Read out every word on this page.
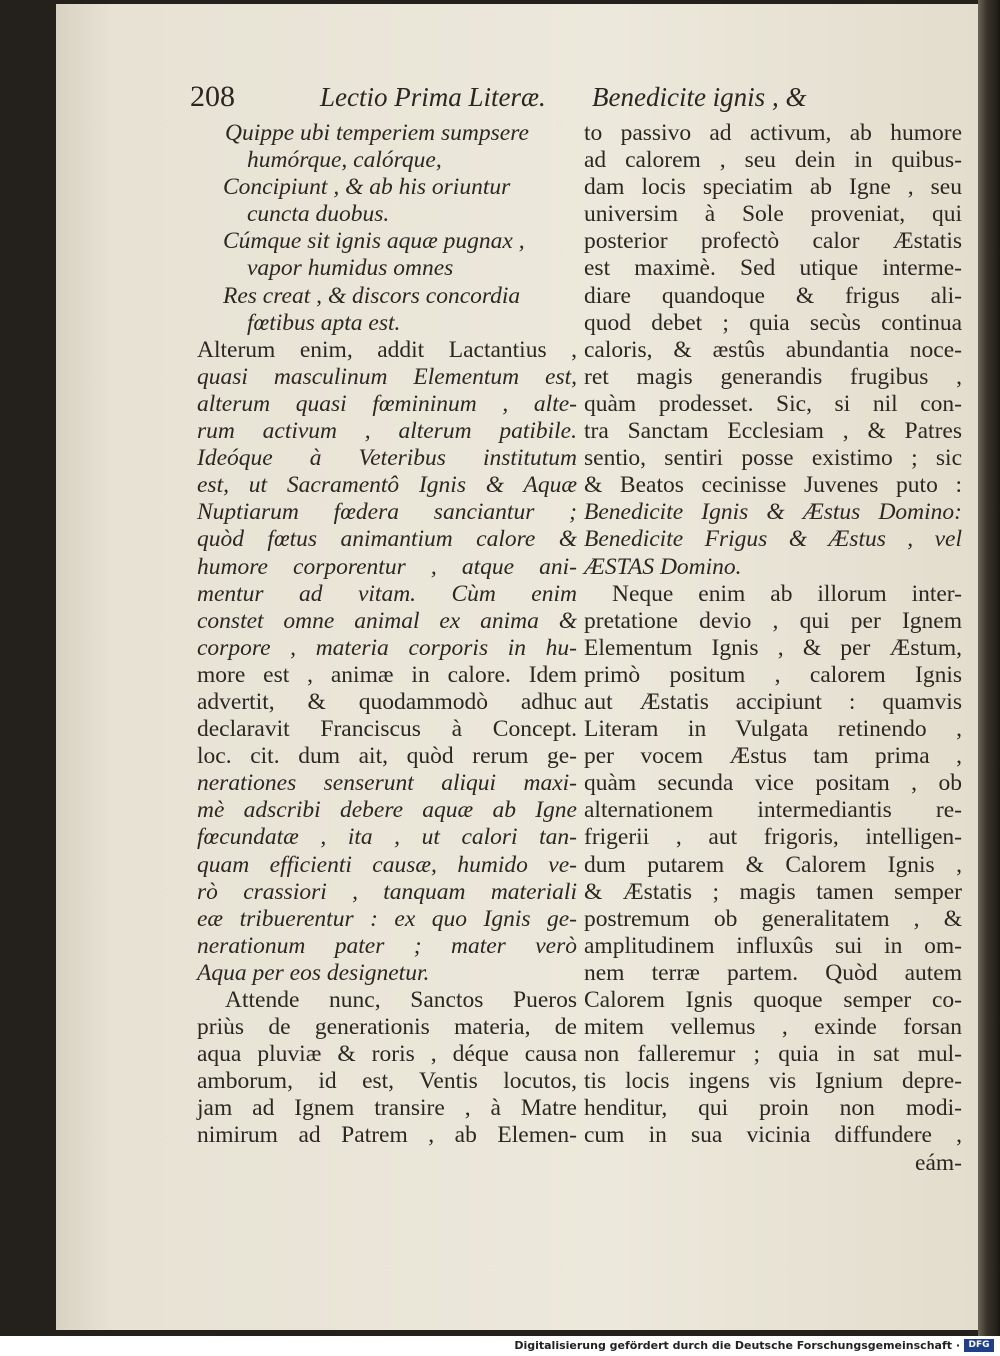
208	Lectio Prima Literæ. Benedicite ignis , &
Quippe ubi temperiem sumpsere
humórque, calórque,
Concipiunt , & ab his oriuntur
cuncta duobus.
Cúmque sit ignis aquæ pugnax ,
vapor humidus omnes
Res creat , & discors concordia
fœtibus apta est.
Alterum enim, addit Lactantius ,
quasi masculinum Elementum est,
alterum quasi fœmininum , alte-
rum activum , alterum patibile.
Ideóque à Veteribus institutum
est, ut Sacramentô Ignis & Aquæ
Nuptiarum fœdera sanciantur ;
quòd fœtus animantium calore &
humore corporentur , atque ani-
mentur ad vitam. Cùm enim
constet omne animal ex anima &
corpore , materia corporis in hu-
more est , animæ in calore. Idem
advertit, & quodammodò adhuc
declaravit Franciscus à Concept.
loc. cit. dum ait, quòd rerum ge-
nerationes senserunt aliqui maxi-
mè adscribi debere aquæ ab Igne
fœcundatæ , ita , ut calori tan-
quam efficienti causæ, humido ve-
rò crassiori , tanquam materiali
eæ tribuerentur : ex quo Ignis ge-
nerationum pater ; mater verò
Aqua per eos designetur.
Attende nunc, Sanctos Pueros
priùs de generationis materia, de
aqua pluviæ & roris , déque causa
amborum, id est, Ventis locutos,
jam ad Ignem transire , à Matre
nimirum ad Patrem , ab Elemen-
to passivo ad activum, ab humore
ad calorem , seu dein in quibus-
dam locis speciatim ab Igne , seu
universim à Sole proveniat, qui
posterior profectò calor Æstatis
est maximè. Sed utique interme-
diare quandoque & frigus ali-
quod debet ; quia secùs continua
caloris, & æstûs abundantia noce-
ret magis generandis frugibus ,
quàm prodesset. Sic, si nil con-
tra Sanctam Ecclesiam , & Patres
sentio, sentiri posse existimo ; sic
& Beatos cecinisse Juvenes puto :
Benedicite Ignis & Æstus Domino:
Benedicite Frigus & Æstus , vel
ÆSTAS Domino.
Neque enim ab illorum inter-
pretatione devio , qui per Ignem
Elementum Ignis , & per Æstum,
primò positum , calorem Ignis
aut Æstatis accipiunt : quamvis
Literam in Vulgata retinendo ,
per vocem Æstus tam prima ,
quàm secunda vice positam , ob
alternationem intermediantis re-
frigerii , aut frigoris, intelligen-
dum putarem & Calorem Ignis ,
& Æstatis ; magis tamen semper
postremum ob generalitatem , &
amplitudinem influxûs sui in om-
nem terræ partem. Quòd autem
Calorem Ignis quoque semper co-
mitem vellemus , exinde forsan
non falleremur ; quia in sat mul-
tis locis ingens vis Ignium depre-
henditur, qui proin non modi-
cum in sua vicinia diffundere ,
eám-
Digitalisierung gefördert durch die Deutsche Forschungsgemeinschaft · DFG
